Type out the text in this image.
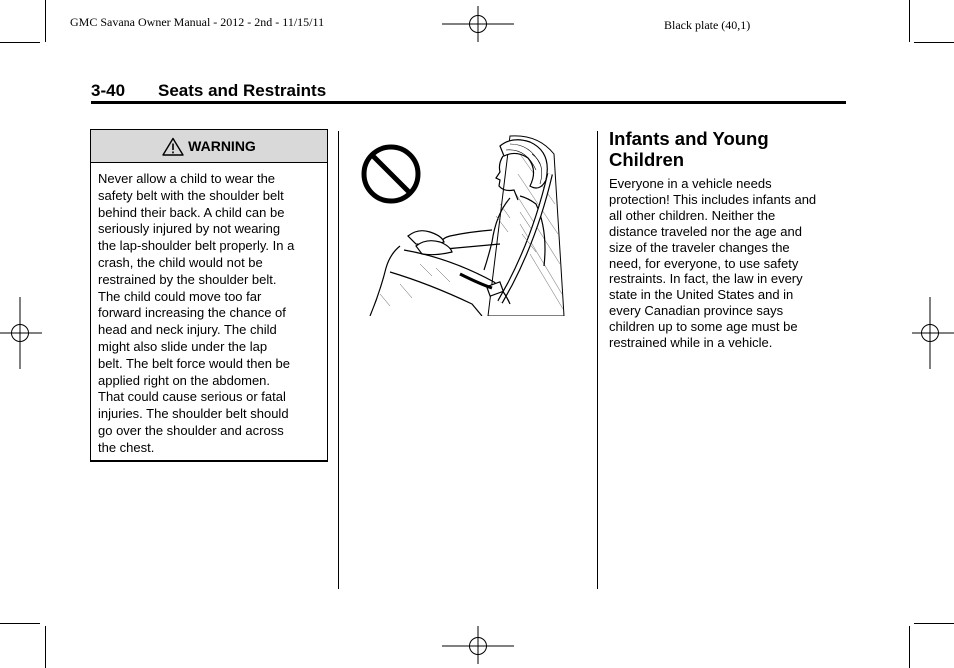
GMC Savana Owner Manual - 2012 - 2nd - 11/15/11	Black plate (40,1)
3-40 Seats and Restraints
WARNING
Never allow a child to wear the
safety belt with the shoulder belt
behind their back. A child can be
seriously injured by not wearing
the lap-shoulder belt properly. In a
crash, the child would not be
restrained by the shoulder belt.
The child could move too far
forward increasing the chance of
head and neck injury. The child
might also slide under the lap
belt. The belt force would then be
applied right on the abdomen.
That could cause serious or fatal
injuries. The shoulder belt should
go over the shoulder and across
the chest.
Infants and Young
Children
Everyone in a vehicle needs
protection! This includes infants and
all other children. Neither the
distance traveled nor the age and
size of the traveler changes the
need, for everyone, to use safety
restraints. In fact, the law in every
state in the United States and in
every Canadian province says
children up to some age must be
restrained while in a vehicle.
